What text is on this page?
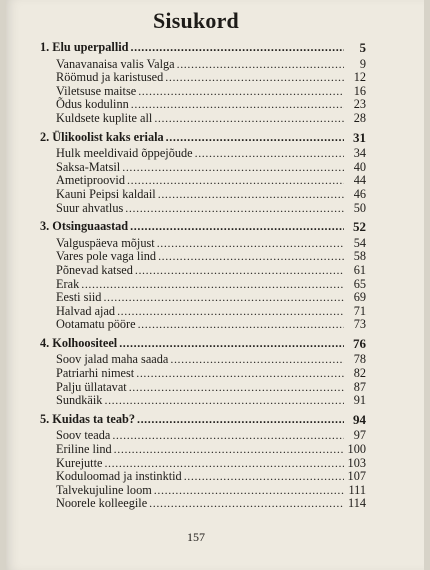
Sisukord
1. Elu uperpallid . . .	5
Vanavanaisa valis Valga . . .	9
Röömud ja karistused . . .	12
Viletsuse maitse . . .	16
Õdus kodulinn . . .	23
Kuldsete kuplite all . . .	28
2. Ülikoolist kaks eriala . . .	31
Hulk meeldivaid õppejõude . . .	34
Saksa-Matsil . . .	40
Ametiproovid . . .	44
Kauni Peipsi kaldail . . .	46
Suur ahvatlus . . .	50
3. Otsinguaastad . . .	52
Valguspäeva mõjust . . .	54
Vares pole vaga lind . . .	58
Põnevad katsed . . .	61
Erak . . .	65
Eesti siid . . .	69
Halvad ajad . . .	71
Ootamatu pööre . . .	73
4. Kolhoositeel . . .	76
Soov jalad maha saada . . .	78
Patriarhi nimest . . .	82
Palju üllatavat . . .	87
Sundkäik . . .	91
5. Kuidas ta teab? . . .	94
Soov teada . . .	97
Eriline lind . . .	100
Kurejutte . . .	103
Koduloomad ja instinktid . . .	107
Talvekujuline loom . . .	111
Noorele kolleegile . . .	114
157
